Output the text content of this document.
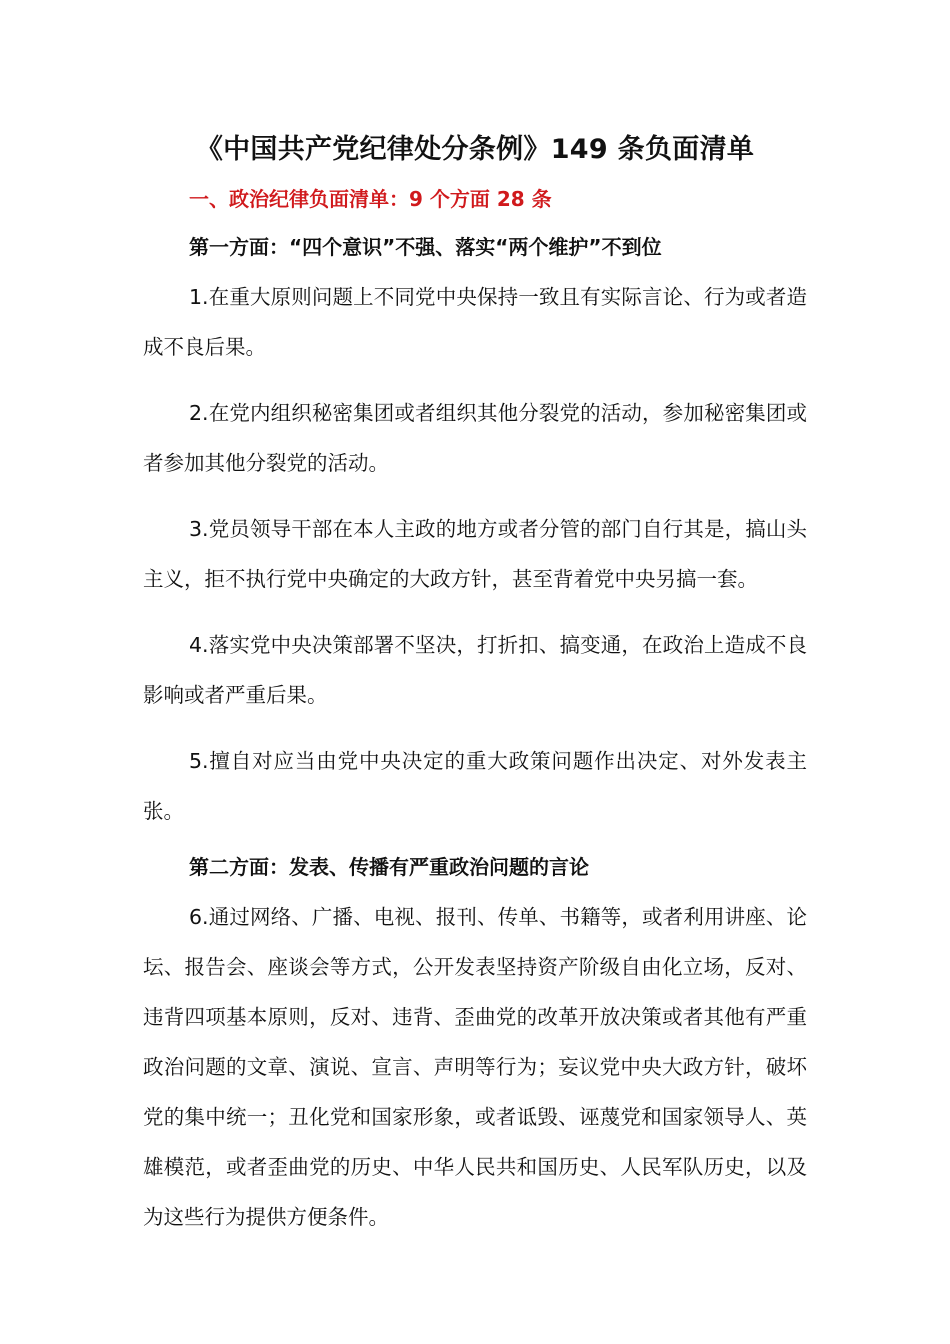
《中国共产党纪律处分条例》149 条负面清单

一、政治纪律负面清单：9 个方面 28 条

第一方面：“四个意识”不强、落实“两个维护”不到位

1.在重大原则问题上不同党中央保持一致且有实际言论、行为或者造成不良后果。

2.在党内组织秘密集团或者组织其他分裂党的活动，参加秘密集团或者参加其他分裂党的活动。

3.党员领导干部在本人主政的地方或者分管的部门自行其是，搞山头主义，拒不执行党中央确定的大政方针，甚至背着党中央另搞一套。

4.落实党中央决策部署不坚决，打折扣、搞变通，在政治上造成不良影响或者严重后果。

5.擅自对应当由党中央决定的重大政策问题作出决定、对外发表主张。

第二方面：发表、传播有严重政治问题的言论

6.通过网络、广播、电视、报刊、传单、书籍等，或者利用讲座、论坛、报告会、座谈会等方式，公开发表坚持资产阶级自由化立场，反对、违背四项基本原则，反对、违背、歪曲党的改革开放决策或者其他有严重政治问题的文章、演说、宣言、声明等行为；妄议党中央大政方针，破坏党的集中统一；丑化党和国家形象，或者诋毁、诬蔑党和国家领导人、英雄模范，或者歪曲党的历史、中华人民共和国历史、人民军队历史，以及为这些行为提供方便条件。
